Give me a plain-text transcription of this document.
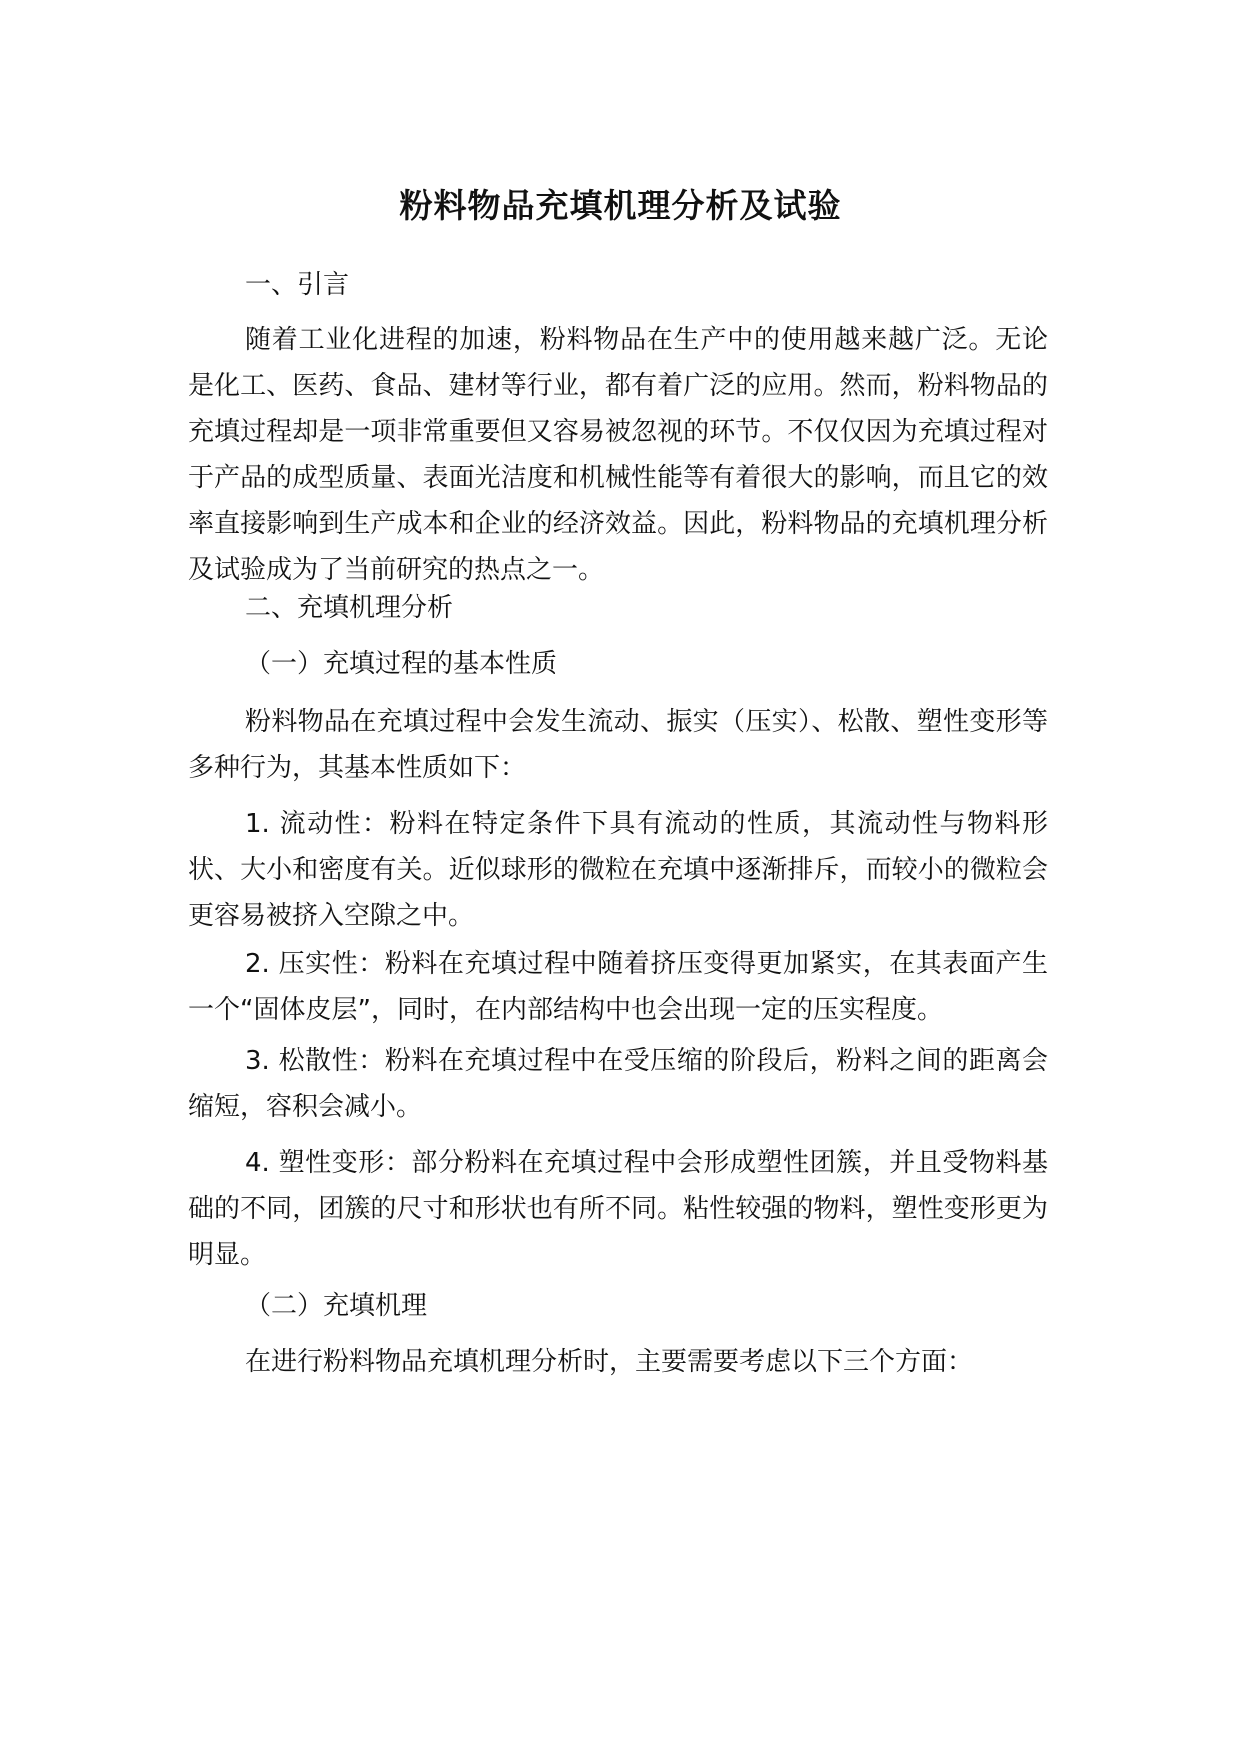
粉料物品充填机理分析及试验
一、引言
随着工业化进程的加速，粉料物品在生产中的使用越来越广泛。无论是化工、医药、食品、建材等行业，都有着广泛的应用。然而，粉料物品的充填过程却是一项非常重要但又容易被忽视的环节。不仅仅因为充填过程对于产品的成型质量、表面光洁度和机械性能等有着很大的影响，而且它的效率直接影响到生产成本和企业的经济效益。因此，粉料物品的充填机理分析及试验成为了当前研究的热点之一。
二、充填机理分析
（一）充填过程的基本性质
粉料物品在充填过程中会发生流动、振实（压实）、松散、塑性变形等多种行为，其基本性质如下：
1. 流动性：粉料在特定条件下具有流动的性质，其流动性与物料形状、大小和密度有关。近似球形的微粒在充填中逐渐排斥，而较小的微粒会更容易被挤入空隙之中。
2. 压实性：粉料在充填过程中随着挤压变得更加紧实，在其表面产生一个“固体皮层”，同时，在内部结构中也会出现一定的压实程度。
3. 松散性：粉料在充填过程中在受压缩的阶段后，粉料之间的距离会缩短，容积会减小。
4. 塑性变形：部分粉料在充填过程中会形成塑性团簇，并且受物料基础的不同，团簇的尺寸和形状也有所不同。粘性较强的物料，塑性变形更为明显。
（二）充填机理
在进行粉料物品充填机理分析时，主要需要考虑以下三个方面：
